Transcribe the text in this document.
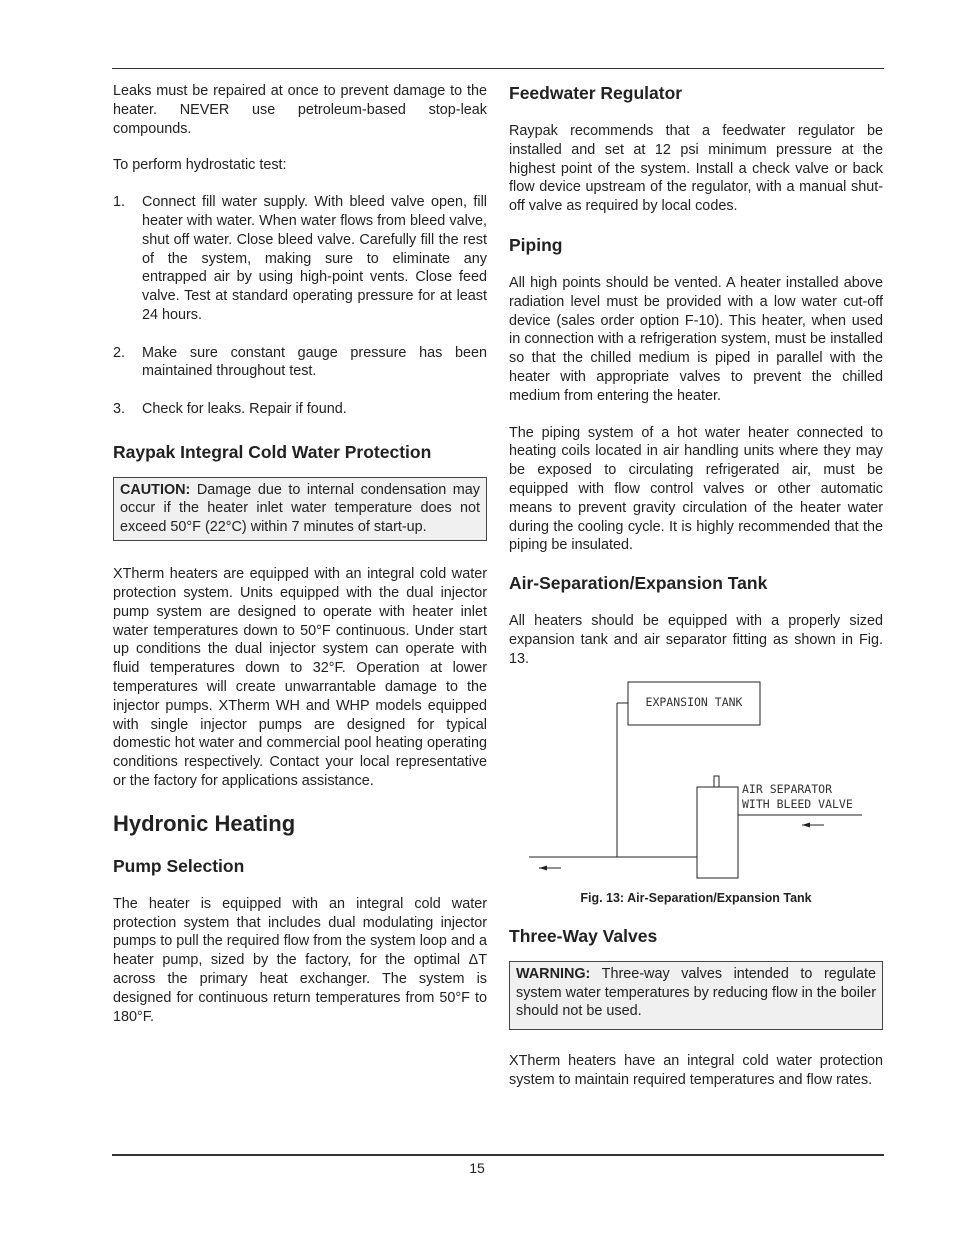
Leaks must be repaired at once to prevent damage to the heater. NEVER use petroleum-based stop-leak compounds.

To perform hydrostatic test:

1. Connect fill water supply. With bleed valve open, fill heater with water. When water flows from bleed valve, shut off water. Close bleed valve. Carefully fill the rest of the system, making sure to eliminate any entrapped air by using high-point vents. Close feed valve. Test at standard operating pressure for at least 24 hours.
2. Make sure constant gauge pressure has been maintained throughout test.
3. Check for leaks. Repair if found.
Raypak Integral Cold Water Protection
CAUTION: Damage due to internal condensation may occur if the heater inlet water temperature does not exceed 50°F (22°C) within 7 minutes of start-up.

XTherm heaters are equipped with an integral cold water protection system. Units equipped with the dual injector pump system are designed to operate with heater inlet water temperatures down to 50°F continuous. Under start up conditions the dual injector system can operate with fluid temperatures down to 32°F. Operation at lower temperatures will create unwarrantable damage to the injector pumps. XTherm WH and WHP models equipped with single injector pumps are designed for typical domestic hot water and commercial pool heating operating conditions respectively. Contact your local representative or the factory for applications assistance.

Hydronic Heating
Pump Selection

The heater is equipped with an integral cold water protection system that includes dual modulating injector pumps to pull the required flow from the system loop and a heater pump, sized by the factory, for the optimal ΔT across the primary heat exchanger. The system is designed for continuous return temperatures from 50°F to 180°F.

Feedwater Regulator

Raypak recommends that a feedwater regulator be installed and set at 12 psi minimum pressure at the highest point of the system. Install a check valve or back flow device upstream of the regulator, with a manual shut-off valve as required by local codes.

Piping

All high points should be vented. A heater installed above radiation level must be provided with a low water cut-off device (sales order option F-10). This heater, when used in connection with a refrigeration system, must be installed so that the chilled medium is piped in parallel with the heater with appropriate valves to prevent the chilled medium from entering the heater.

The piping system of a hot water heater connected to heating coils located in air handling units where they may be exposed to circulating refrigerated air, must be equipped with flow control valves or other automatic means to prevent gravity circulation of the heater water during the cooling cycle. It is highly recommended that the piping be insulated.

Air-Separation/Expansion Tank

All heaters should be equipped with a properly sized expansion tank and air separator fitting as shown in Fig. 13.

EXPANSION TANK
AIR SEPARATOR
WITH BLEED VALVE

Fig. 13: Air-Separation/Expansion Tank

Three-Way Valves
WARNING: Three-way valves intended to regulate system water temperatures by reducing flow in the boiler should not be used.

XTherm heaters have an integral cold water protection system to maintain required temperatures and flow rates.

15
